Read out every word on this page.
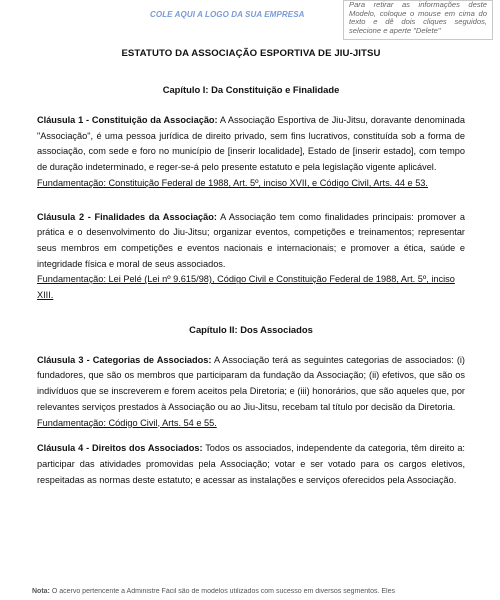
COLE AQUI A LOGO DA SUA EMPRESA
Para retirar as informações deste Modelo, coloque o mouse em cima do texto e dê dois cliques seguidos, selecione e aperte "Delete"
ESTATUTO DA ASSOCIAÇÃO ESPORTIVA DE JIU-JITSU
Capítulo I: Da Constituição e Finalidade

Cláusula 1 - Constituição da Associação: A Associação Esportiva de Jiu-Jitsu, doravante denominada "Associação", é uma pessoa jurídica de direito privado, sem fins lucrativos, constituída sob a forma de associação, com sede e foro no município de [inserir localidade], Estado de [inserir estado], com tempo de duração indeterminado, e reger-se-á pelo presente estatuto e pela legislação vigente aplicável.

Fundamentação: Constituição Federal de 1988, Art. 5º, inciso XVII, e Código Civil, Arts. 44 e 53.

Cláusula 2 - Finalidades da Associação: A Associação tem como finalidades principais: promover a prática e o desenvolvimento do Jiu-Jitsu; organizar eventos, competições e treinamentos; representar seus membros em competições e eventos nacionais e internacionais; e promover a ética, saúde e integridade física e moral de seus associados.

Fundamentação: Lei Pelé (Lei nº 9.615/98), Código Civil e Constituição Federal de 1988, Art. 5º, inciso XIII.

Capítulo II: Dos Associados

Cláusula 3 - Categorias de Associados: A Associação terá as seguintes categorias de associados: (i) fundadores, que são os membros que participaram da fundação da Associação; (ii) efetivos, que são os indivíduos que se inscreverem e forem aceitos pela Diretoria; e (iii) honorários, que são aqueles que, por relevantes serviços prestados à Associação ou ao Jiu-Jitsu, recebam tal título por decisão da Diretoria.

Fundamentação: Código Civil, Arts. 54 e 55.

Cláusula 4 - Direitos dos Associados: Todos os associados, independente da categoria, têm direito a: participar das atividades promovidas pela Associação; votar e ser votado para os cargos eletivos, respeitadas as normas deste estatuto; e acessar as instalações e serviços oferecidos pela Associação.

Nota: O acervo pertencente a Administre Fácil são de modelos utilizados com sucesso em diversos segmentos. Eles
